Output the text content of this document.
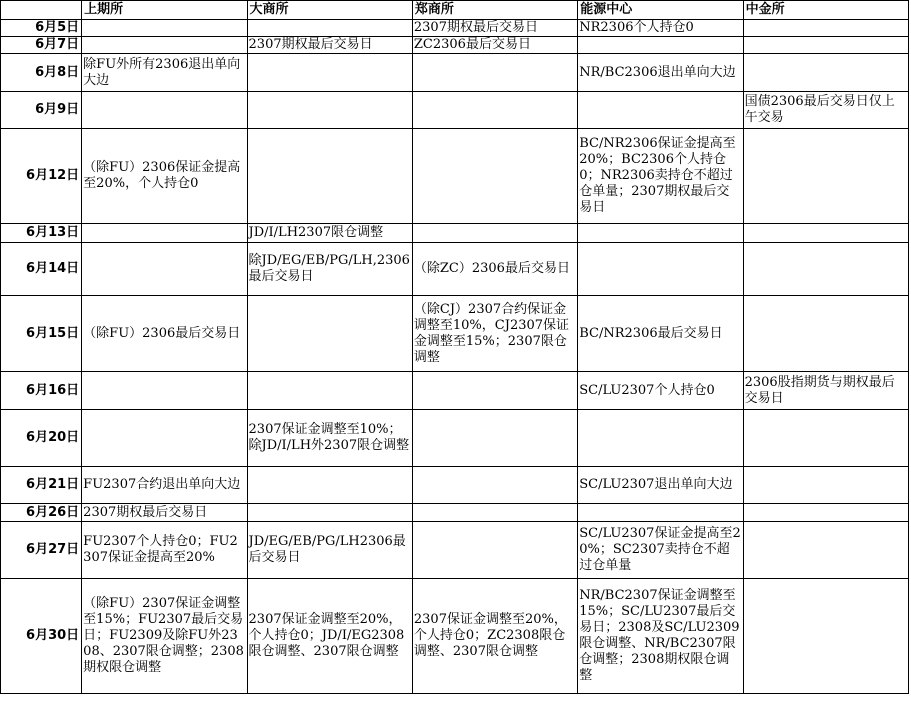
	上期所	大商所	郑商所	能源中心	中金所
6月5日			2307期权最后交易日	NR2306个人持仓0	
6月7日		2307期权最后交易日	ZC2306最后交易日		
6月8日	除FU外所有2306退出单向大边			NR/BC2306退出单向大边	
6月9日					国债2306最后交易日仅上午交易
6月12日	（除FU）2306保证金提高至20%，个人持仓0			BC/NR2306保证金提高至20%；BC2306个人持仓0；NR2306卖持仓不超过仓单量；2307期权最后交易日	
6月13日		JD/I/LH2307限仓调整			
6月14日		除JD/EG/EB/PG/LH,2306最后交易日	（除ZC）2306最后交易日		
6月15日	（除FU）2306最后交易日		（除CJ）2307合约保证金调整至10%，CJ2307保证金调整至15%；2307限仓调整	BC/NR2306最后交易日	
6月16日				SC/LU2307个人持仓0	2306股指期货与期权最后交易日
6月20日		2307保证金调整至10%；除JD/I/LH外2307限仓调整			
6月21日	FU2307合约退出单向大边			SC/LU2307退出单向大边	
6月26日	2307期权最后交易日				
6月27日	FU2307个人持仓0；FU2307保证金提高至20%	JD/EG/EB/PG/LH2306最后交易日		SC/LU2307保证金提高至20%；SC2307卖持仓不超过仓单量	
6月30日	（除FU）2307保证金调整至15%；FU2307最后交易日；FU2309及除FU外2308、2307限仓调整；2308期权限仓调整	2307保证金调整至20%，个人持仓0；JD/I/EG2308限仓调整、2307限仓调整	2307保证金调整至20%，个人持仓0；ZC2308限仓调整、2307限仓调整	NR/BC2307保证金调整至15%；SC/LU2307最后交易日；2308及SC/LU2309限仓调整、NR/BC2307限仓调整；2308期权限仓调整	
